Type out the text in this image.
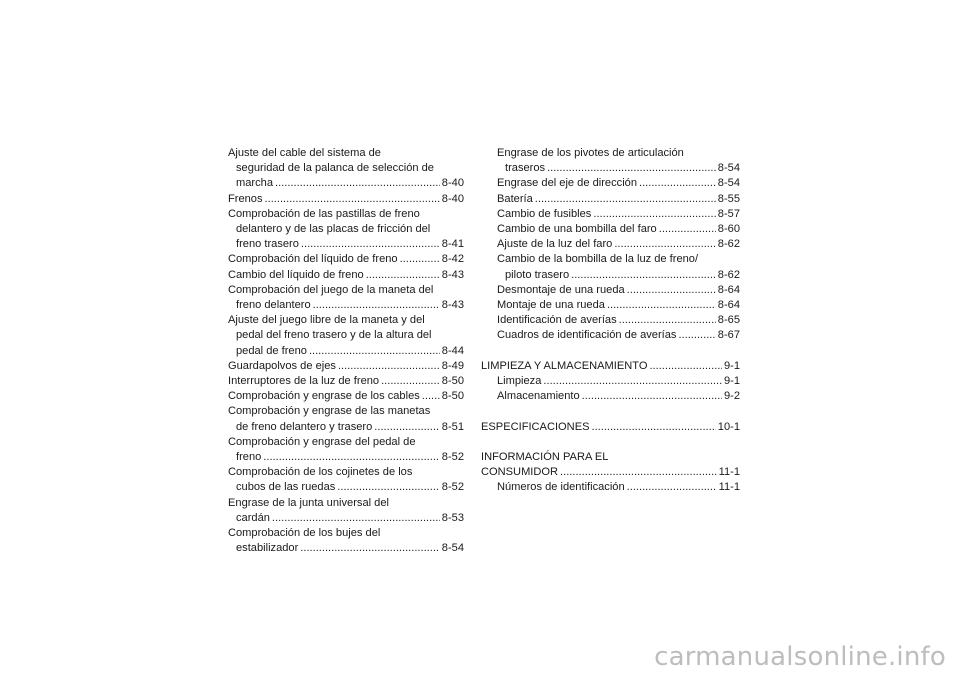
Ajuste del cable del sistema de
seguridad de la palanca de selección de
marcha .....	8-40
Frenos .....	8-40
Comprobación de las pastillas de freno
delantero y de las placas de fricción del
freno trasero .....	8-41
Comprobación del líquido de freno .....	8-42
Cambio del líquido de freno .....	8-43
Comprobación del juego de la maneta del
freno delantero .....	8-43
Ajuste del juego libre de la maneta y del
pedal del freno trasero y de la altura del
pedal de freno .....	8-44
Guardapolvos de ejes .....	8-49
Interruptores de la luz de freno .....	8-50
Comprobación y engrase de los cables ..... 8-50
Comprobación y engrase de las manetas
de freno delantero y trasero .....	8-51
Comprobación y engrase del pedal de
freno .....	8-52
Comprobación de los cojinetes de los
cubos de las ruedas .....	8-52
Engrase de la junta universal del
cardán .....	8-53
Comprobación de los bujes del
estabilizador .....	8-54
Engrase de los pivotes de articulación
traseros .....	8-54
Engrase del eje de dirección .....	8-54
Batería .....	8-55
Cambio de fusibles .....	8-57
Cambio de una bombilla del faro .....	8-60
Ajuste de la luz del faro .....	8-62
Cambio de la bombilla de la luz de freno/
piloto trasero .....	8-62
Desmontaje de una rueda .....	8-64
Montaje de una rueda .....	8-64
Identificación de averías .....	8-65
Cuadros de identificación de averías .....	8-67
LIMPIEZA Y ALMACENAMIENTO .....	9-1
Limpieza .....	9-1
Almacenamiento .....	9-2
ESPECIFICACIONES .....	10-1
INFORMACIÓN PARA EL
CONSUMIDOR .....	11-1
Números de identificación .....	11-1
carmanualsonline.info
